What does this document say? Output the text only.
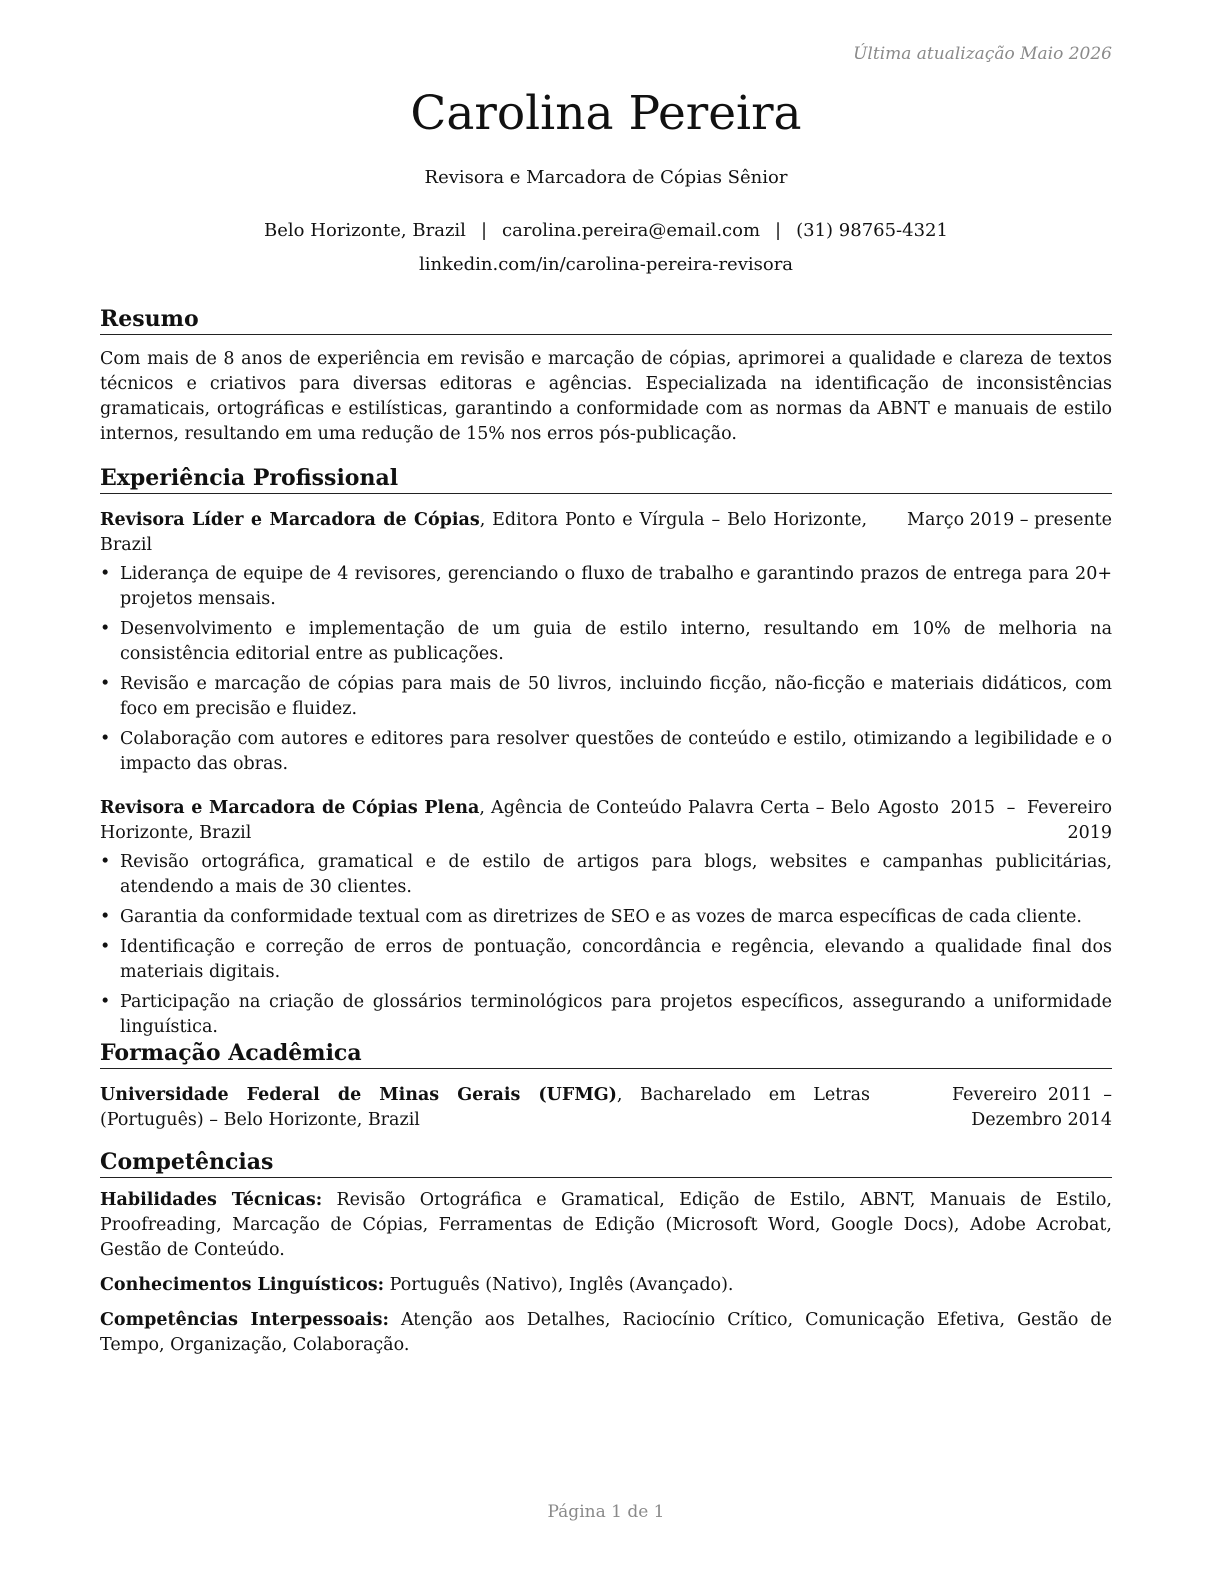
Última atualização Maio 2026
Carolina Pereira
Revisora e Marcadora de Cópias Sênior
Belo Horizonte, Brazil | carolina.pereira@email.com | (31) 98765-4321
linkedin.com/in/carolina-pereira-revisora
Resumo
Com mais de 8 anos de experiência em revisão e marcação de cópias, aprimorei a qualidade e clareza de textos técnicos e criativos para diversas editoras e agências. Especializada na identificação de inconsistências gramaticais, ortográficas e estilísticas, garantindo a conformidade com as normas da ABNT e manuais de estilo internos, resultando em uma redução de 15% nos erros pós-publicação.
Experiência Profissional
Revisora Líder e Marcadora de Cópias, Editora Ponto e Vírgula – Belo Horizonte, Brazil
Março 2019 – presente
• Liderança de equipe de 4 revisores, gerenciando o fluxo de trabalho e garantindo prazos de entrega para 20+ projetos mensais.
• Desenvolvimento e implementação de um guia de estilo interno, resultando em 10% de melhoria na consistência editorial entre as publicações.
• Revisão e marcação de cópias para mais de 50 livros, incluindo ficção, não-ficção e materiais didáticos, com foco em precisão e fluidez.
• Colaboração com autores e editores para resolver questões de conteúdo e estilo, otimizando a legibilidade e o impacto das obras.
Revisora e Marcadora de Cópias Plena, Agência de Conteúdo Palavra Certa – Belo Horizonte, Brazil
Agosto 2015 – Fevereiro 2019
• Revisão ortográfica, gramatical e de estilo de artigos para blogs, websites e campanhas publicitárias, atendendo a mais de 30 clientes.
• Garantia da conformidade textual com as diretrizes de SEO e as vozes de marca específicas de cada cliente.
• Identificação e correção de erros de pontuação, concordância e regência, elevando a qualidade final dos materiais digitais.
• Participação na criação de glossários terminológicos para projetos específicos, assegurando a uniformidade linguística.
Formação Acadêmica
Universidade Federal de Minas Gerais (UFMG), Bacharelado em Letras (Português) – Belo Horizonte, Brazil
Fevereiro 2011 – Dezembro 2014
Competências

Habilidades Técnicas: Revisão Ortográfica e Gramatical, Edição de Estilo, ABNT, Manuais de Estilo, Proofreading, Marcação de Cópias, Ferramentas de Edição (Microsoft Word, Google Docs), Adobe Acrobat, Gestão de Conteúdo.

Conhecimentos Linguísticos: Português (Nativo), Inglês (Avançado).

Competências Interpessoais: Atenção aos Detalhes, Raciocínio Crítico, Comunicação Efetiva, Gestão de Tempo, Organização, Colaboração.

Página 1 de 1
